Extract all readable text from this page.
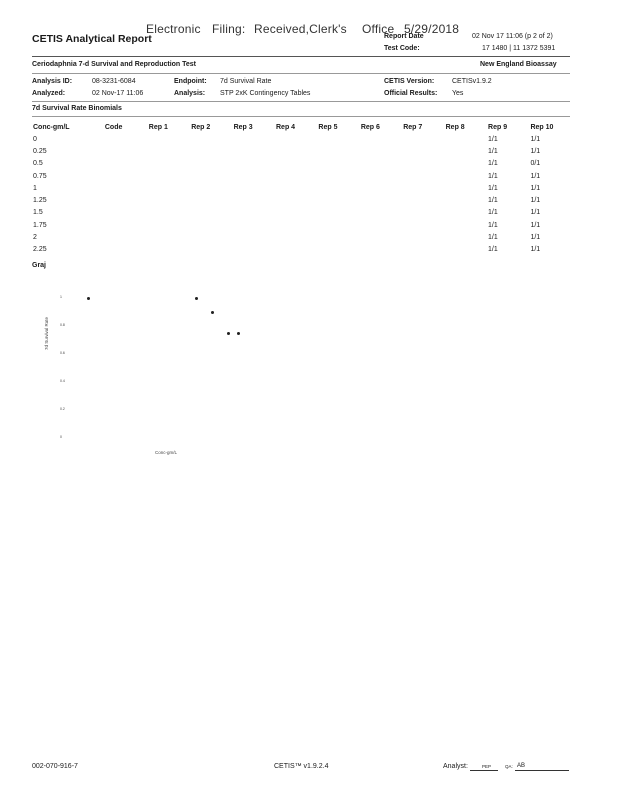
Electronic Filing: Received,Clerk's Office 5/29/2018
CETIS Analytical Report	Report Date	02 Nov 17 11:06 (p 2 of 2)
Test Code:	17 1480 | 11 1372 5391
Ceriodaphnia 7-d Survival and Reproduction Test	New England Bioassay
Analysis ID:	08-3231-6084	Endpoint: 7d Survival Rate	CETIS Version:	CETISv1.9.2
Analyzed:	02 Nov-17 11:06	Analysis: STP 2xK Contingency Tables	Official Results: Yes
7d Survival Rate Binomials
Conc-gm/L	Code	Rep 1	Rep 2	Rep 3	Rep 4	Rep 5	Rep 6	Rep 7	Rep 8	Rep 9	Rep 10
0										1/1	1/1
0.25										1/1	1/1
0.5										1/1	0/1
0.75										1/1	1/1
1										1/1	1/1
1.25										1/1	1/1
1.5										1/1	1/1
1.75										1/1	1/1
2										1/1	1/1
2.25										1/1	1/1
Graj
7d Survival Rate
Conc-gm/L
1
0.8
0.6
0.4
0.2
0
002-070-916-7	CETIS™ v1.9.2.4	Analyst:	PEP	QA: AB
